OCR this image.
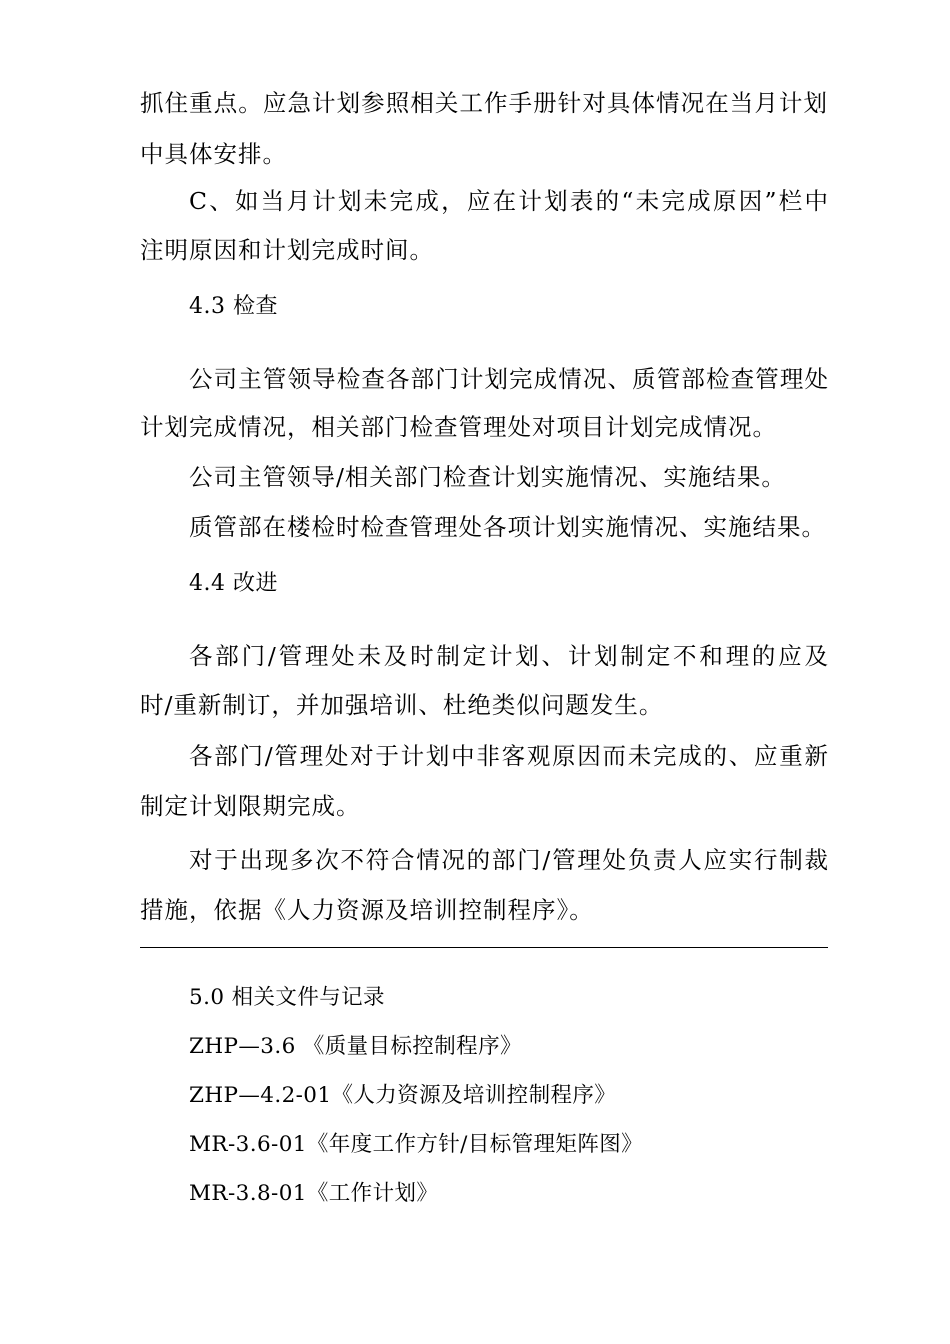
抓住重点。应急计划参照相关工作手册针对具体情况在当月计划
中具体安排。
C、如当月计划未完成，应在计划表的“未完成原因”栏中
注明原因和计划完成时间。
4.3 检查
公司主管领导检查各部门计划完成情况、质管部检查管理处
计划完成情况，相关部门检查管理处对项目计划完成情况。
公司主管领导/相关部门检查计划实施情况、实施结果。
质管部在楼检时检查管理处各项计划实施情况、实施结果。
4.4 改进
各部门/管理处未及时制定计划、计划制定不和理的应及
时/重新制订，并加强培训、杜绝类似问题发生。
各部门/管理处对于计划中非客观原因而未完成的、应重新
制定计划限期完成。
对于出现多次不符合情况的部门/管理处负责人应实行制裁
措施，依据《人力资源及培训控制程序》。
5.0 相关文件与记录
ZHP—3.6 《质量目标控制程序》
ZHP—4.2-01《人力资源及培训控制程序》
MR-3.6-01《年度工作方针/目标管理矩阵图》
MR-3.8-01《工作计划》
